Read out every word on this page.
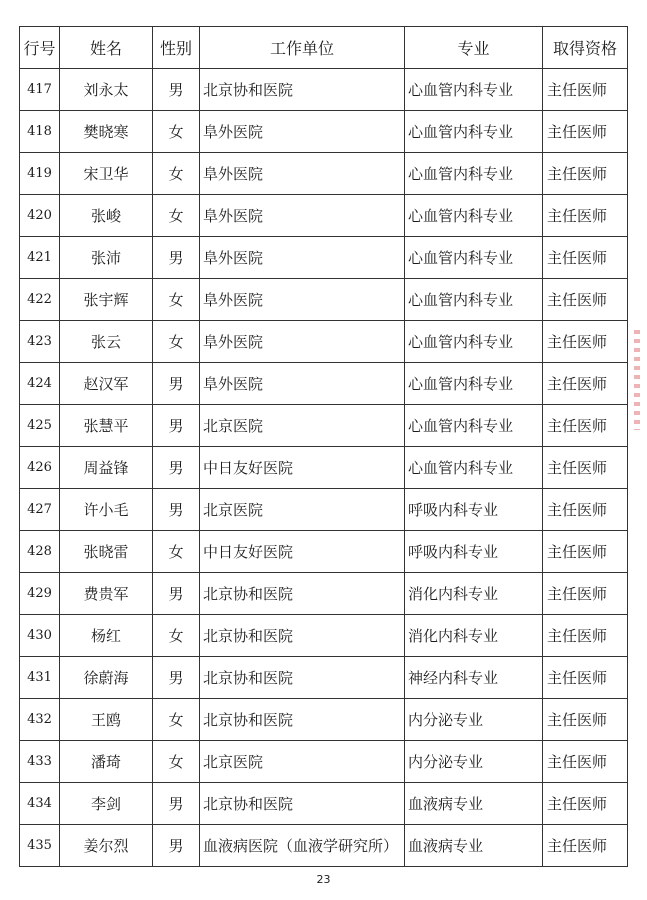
行号	姓名	性别	工作单位	专业	取得资格
417	刘永太	男	北京协和医院	心血管内科专业	主任医师
418	樊晓寒	女	阜外医院	心血管内科专业	主任医师
419	宋卫华	女	阜外医院	心血管内科专业	主任医师
420	张峻	女	阜外医院	心血管内科专业	主任医师
421	张沛	男	阜外医院	心血管内科专业	主任医师
422	张宇辉	女	阜外医院	心血管内科专业	主任医师
423	张云	女	阜外医院	心血管内科专业	主任医师
424	赵汉军	男	阜外医院	心血管内科专业	主任医师
425	张慧平	男	北京医院	心血管内科专业	主任医师
426	周益锋	男	中日友好医院	心血管内科专业	主任医师
427	许小毛	男	北京医院	呼吸内科专业	主任医师
428	张晓雷	女	中日友好医院	呼吸内科专业	主任医师
429	费贵军	男	北京协和医院	消化内科专业	主任医师
430	杨红	女	北京协和医院	消化内科专业	主任医师
431	徐蔚海	男	北京协和医院	神经内科专业	主任医师
432	王鸥	女	北京协和医院	内分泌专业	主任医师
433	潘琦	女	北京医院	内分泌专业	主任医师
434	李剑	男	北京协和医院	血液病专业	主任医师
435	姜尔烈	男	血液病医院（血液学研究所）	血液病专业	主任医师
23
